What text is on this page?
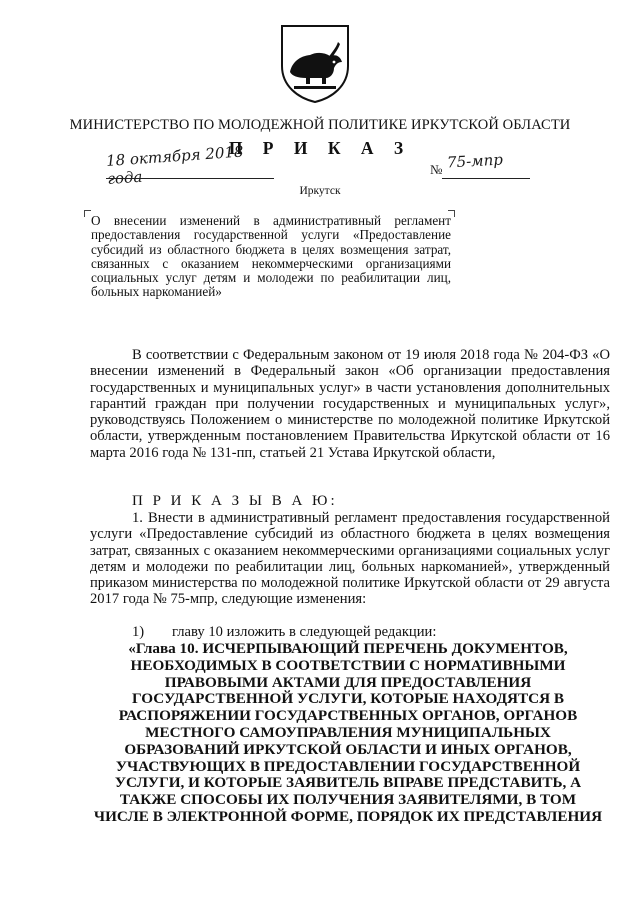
МИНИСТЕРСТВО ПО МОЛОДЕЖНОЙ ПОЛИТИКЕ ИРКУТСКОЙ ОБЛАСТИ
П Р И К А З
18 октября 2018 года	№ 75-мпр
Иркутск

О внесении изменений в административный регламент предоставления государственной услуги «Предоставление субсидий из областного бюджета в целях возмещения затрат, связанных с оказанием некоммерческими организациями социальных услуг детям и молодежи по реабилитации лиц, больных наркоманией»

В соответствии с Федеральным законом от 19 июля 2018 года № 204-ФЗ «О внесении изменений в Федеральный закон «Об организации предоставления государственных и муниципальных услуг» в части установления дополнительных гарантий граждан при получении государственных и муниципальных услуг», руководствуясь Положением о министерстве по молодежной политике Иркутской области, утвержденным постановлением Правительства Иркутской области от 16 марта 2016 года № 131-пп, статьей 21 Устава Иркутской области,

П Р И К А З Ы В А Ю:

1. Внести в административный регламент предоставления государственной услуги «Предоставление субсидий из областного бюджета в целях возмещения затрат, связанных с оказанием некоммерческими организациями социальных услуг детям и молодежи по реабилитации лиц, больных наркоманией», утвержденный приказом министерства по молодежной политике Иркутской области от 29 августа 2017 года № 75-мпр, следующие изменения:

1) главу 10 изложить в следующей редакции:

«Глава 10. ИСЧЕРПЫВАЮЩИЙ ПЕРЕЧЕНЬ ДОКУМЕНТОВ, НЕОБХОДИМЫХ В СООТВЕТСТВИИ С НОРМАТИВНЫМИ ПРАВОВЫМИ АКТАМИ ДЛЯ ПРЕДОСТАВЛЕНИЯ ГОСУДАРСТВЕННОЙ УСЛУГИ, КОТОРЫЕ НАХОДЯТСЯ В РАСПОРЯЖЕНИИ ГОСУДАРСТВЕННЫХ ОРГАНОВ, ОРГАНОВ МЕСТНОГО САМОУПРАВЛЕНИЯ МУНИЦИПАЛЬНЫХ ОБРАЗОВАНИЙ ИРКУТСКОЙ ОБЛАСТИ И ИНЫХ ОРГАНОВ, УЧАСТВУЮЩИХ В ПРЕДОСТАВЛЕНИИ ГОСУДАРСТВЕННОЙ УСЛУГИ, И КОТОРЫЕ ЗАЯВИТЕЛЬ ВПРАВЕ ПРЕДСТАВИТЬ, А ТАКЖЕ СПОСОБЫ ИХ ПОЛУЧЕНИЯ ЗАЯВИТЕЛЯМИ, В ТОМ ЧИСЛЕ В ЭЛЕКТРОННОЙ ФОРМЕ, ПОРЯДОК ИХ ПРЕДСТАВЛЕНИЯ
